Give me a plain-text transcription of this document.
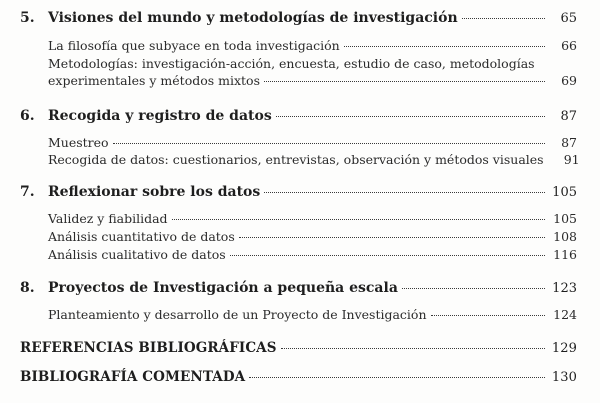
5. Visiones del mundo y metodologías de investigación	65
La filosofía que subyace en toda investigación	66
Metodologías: investigación-acción, encuesta, estudio de caso, metodologías
experimentales y métodos mixtos	69
6. Recogida y registro de datos	87
Muestreo	87
Recogida de datos: cuestionarios, entrevistas, observación y métodos visuales	91
7. Reflexionar sobre los datos	105
Validez y fiabilidad	105
Análisis cuantitativo de datos	108
Análisis cualitativo de datos	116
8. Proyectos de Investigación a pequeña escala	123
Planteamiento y desarrollo de un Proyecto de Investigación	124
REFERENCIAS BIBLIOGRÁFICAS	129
BIBLIOGRAFÍA COMENTADA	130
